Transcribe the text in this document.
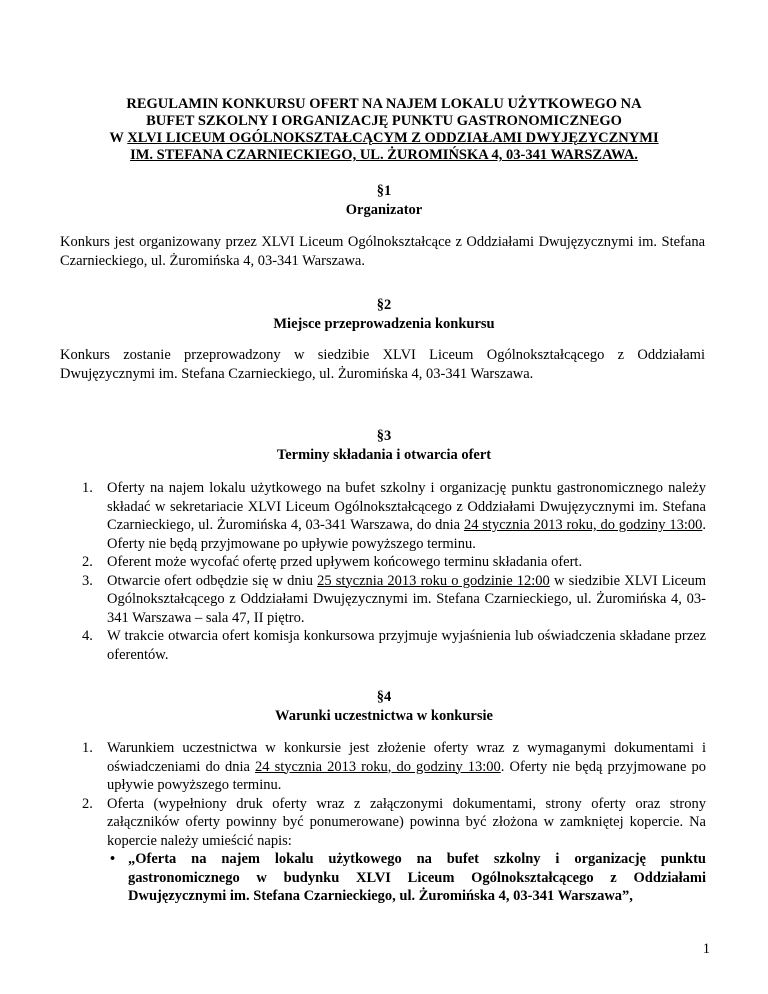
REGULAMIN KONKURSU OFERT NA NAJEM LOKALU UŻYTKOWEGO NA
BUFET SZKOLNY I ORGANIZACJĘ PUNKTU GASTRONOMICZNEGO
W XLVI LICEUM OGÓLNOKSZTAŁCĄCYM Z ODDZIAŁAMI DWYJĘZYCZNYMI
IM. STEFANA CZARNIECKIEGO, UL. ŻUROMIŃSKA 4, 03-341 WARSZAWA.
§1
Organizator

Konkurs jest organizowany przez XLVI Liceum Ogólnokształcące z Oddziałami Dwujęzycznymi im. Stefana Czarnieckiego, ul. Żuromińska 4, 03-341 Warszawa.

§2
Miejsce przeprowadzenia konkursu

Konkurs zostanie przeprowadzony w siedzibie XLVI Liceum Ogólnokształcącego z Oddziałami Dwujęzycznymi im. Stefana Czarnieckiego, ul. Żuromińska 4, 03-341 Warszawa.

§3
Terminy składania i otwarcia ofert
1. Oferty na najem lokalu użytkowego na bufet szkolny i organizację punktu gastronomicznego należy składać w sekretariacie XLVI Liceum Ogólnokształcącego z Oddziałami Dwujęzycznymi im. Stefana Czarnieckiego, ul. Żuromińska 4, 03-341 Warszawa, do dnia 24 stycznia 2013 roku, do godziny 13:00. Oferty nie będą przyjmowane po upływie powyższego terminu.
2. Oferent może wycofać ofertę przed upływem końcowego terminu składania ofert.
3. Otwarcie ofert odbędzie się w dniu 25 stycznia 2013 roku o godzinie 12:00 w siedzibie XLVI Liceum Ogólnokształcącego z Oddziałami Dwujęzycznymi im. Stefana Czarnieckiego, ul. Żuromińska 4, 03-341 Warszawa – sala 47, II piętro.
4. W trakcie otwarcia ofert komisja konkursowa przyjmuje wyjaśnienia lub oświadczenia składane przez oferentów.
§4
Warunki uczestnictwa w konkursie
1. Warunkiem uczestnictwa w konkursie jest złożenie oferty wraz z wymaganymi dokumentami i oświadczeniami do dnia 24 stycznia 2013 roku, do godziny 13:00. Oferty nie będą przyjmowane po upływie powyższego terminu.
2. Oferta (wypełniony druk oferty wraz z załączonymi dokumentami, strony oferty oraz strony załączników oferty powinny być ponumerowane) powinna być złożona w zamkniętej kopercie. Na kopercie należy umieścić napis:
• „Oferta na najem lokalu użytkowego na bufet szkolny i organizację punktu gastronomicznego w budynku XLVI Liceum Ogólnokształcącego z Oddziałami Dwujęzycznymi im. Stefana Czarnieckiego, ul. Żuromińska 4, 03-341 Warszawa”,
1
